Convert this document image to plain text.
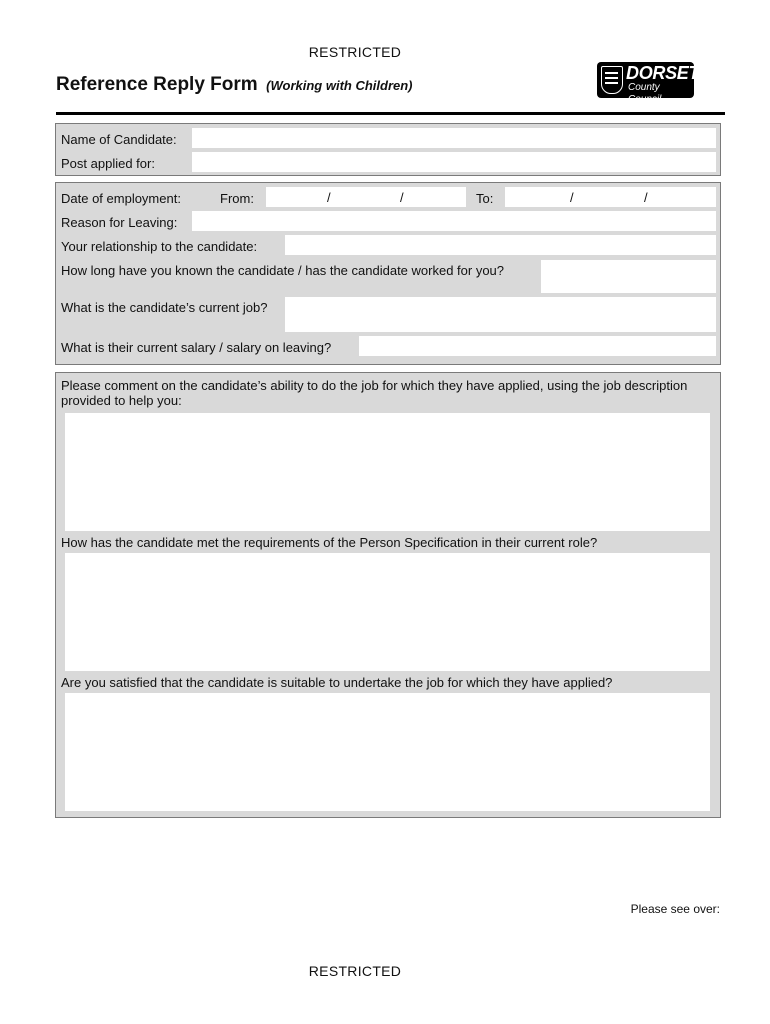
RESTRICTED
Reference Reply Form (Working with Children)
DORSET
County Council
Name of Candidate:
Post applied for:
Date of employment:	From:	/	/	To:	/	/
Reason for Leaving:
Your relationship to the candidate:
How long have you known the candidate / has the candidate worked for you?
What is the candidate’s current job?
What is their current salary / salary on leaving?
Please comment on the candidate’s ability to do the job for which they have applied, using the job description provided to help you:
How has the candidate met the requirements of the Person Specification in their current role?
Are you satisfied that the candidate is suitable to undertake the job for which they have applied?
Please see over:
RESTRICTED
